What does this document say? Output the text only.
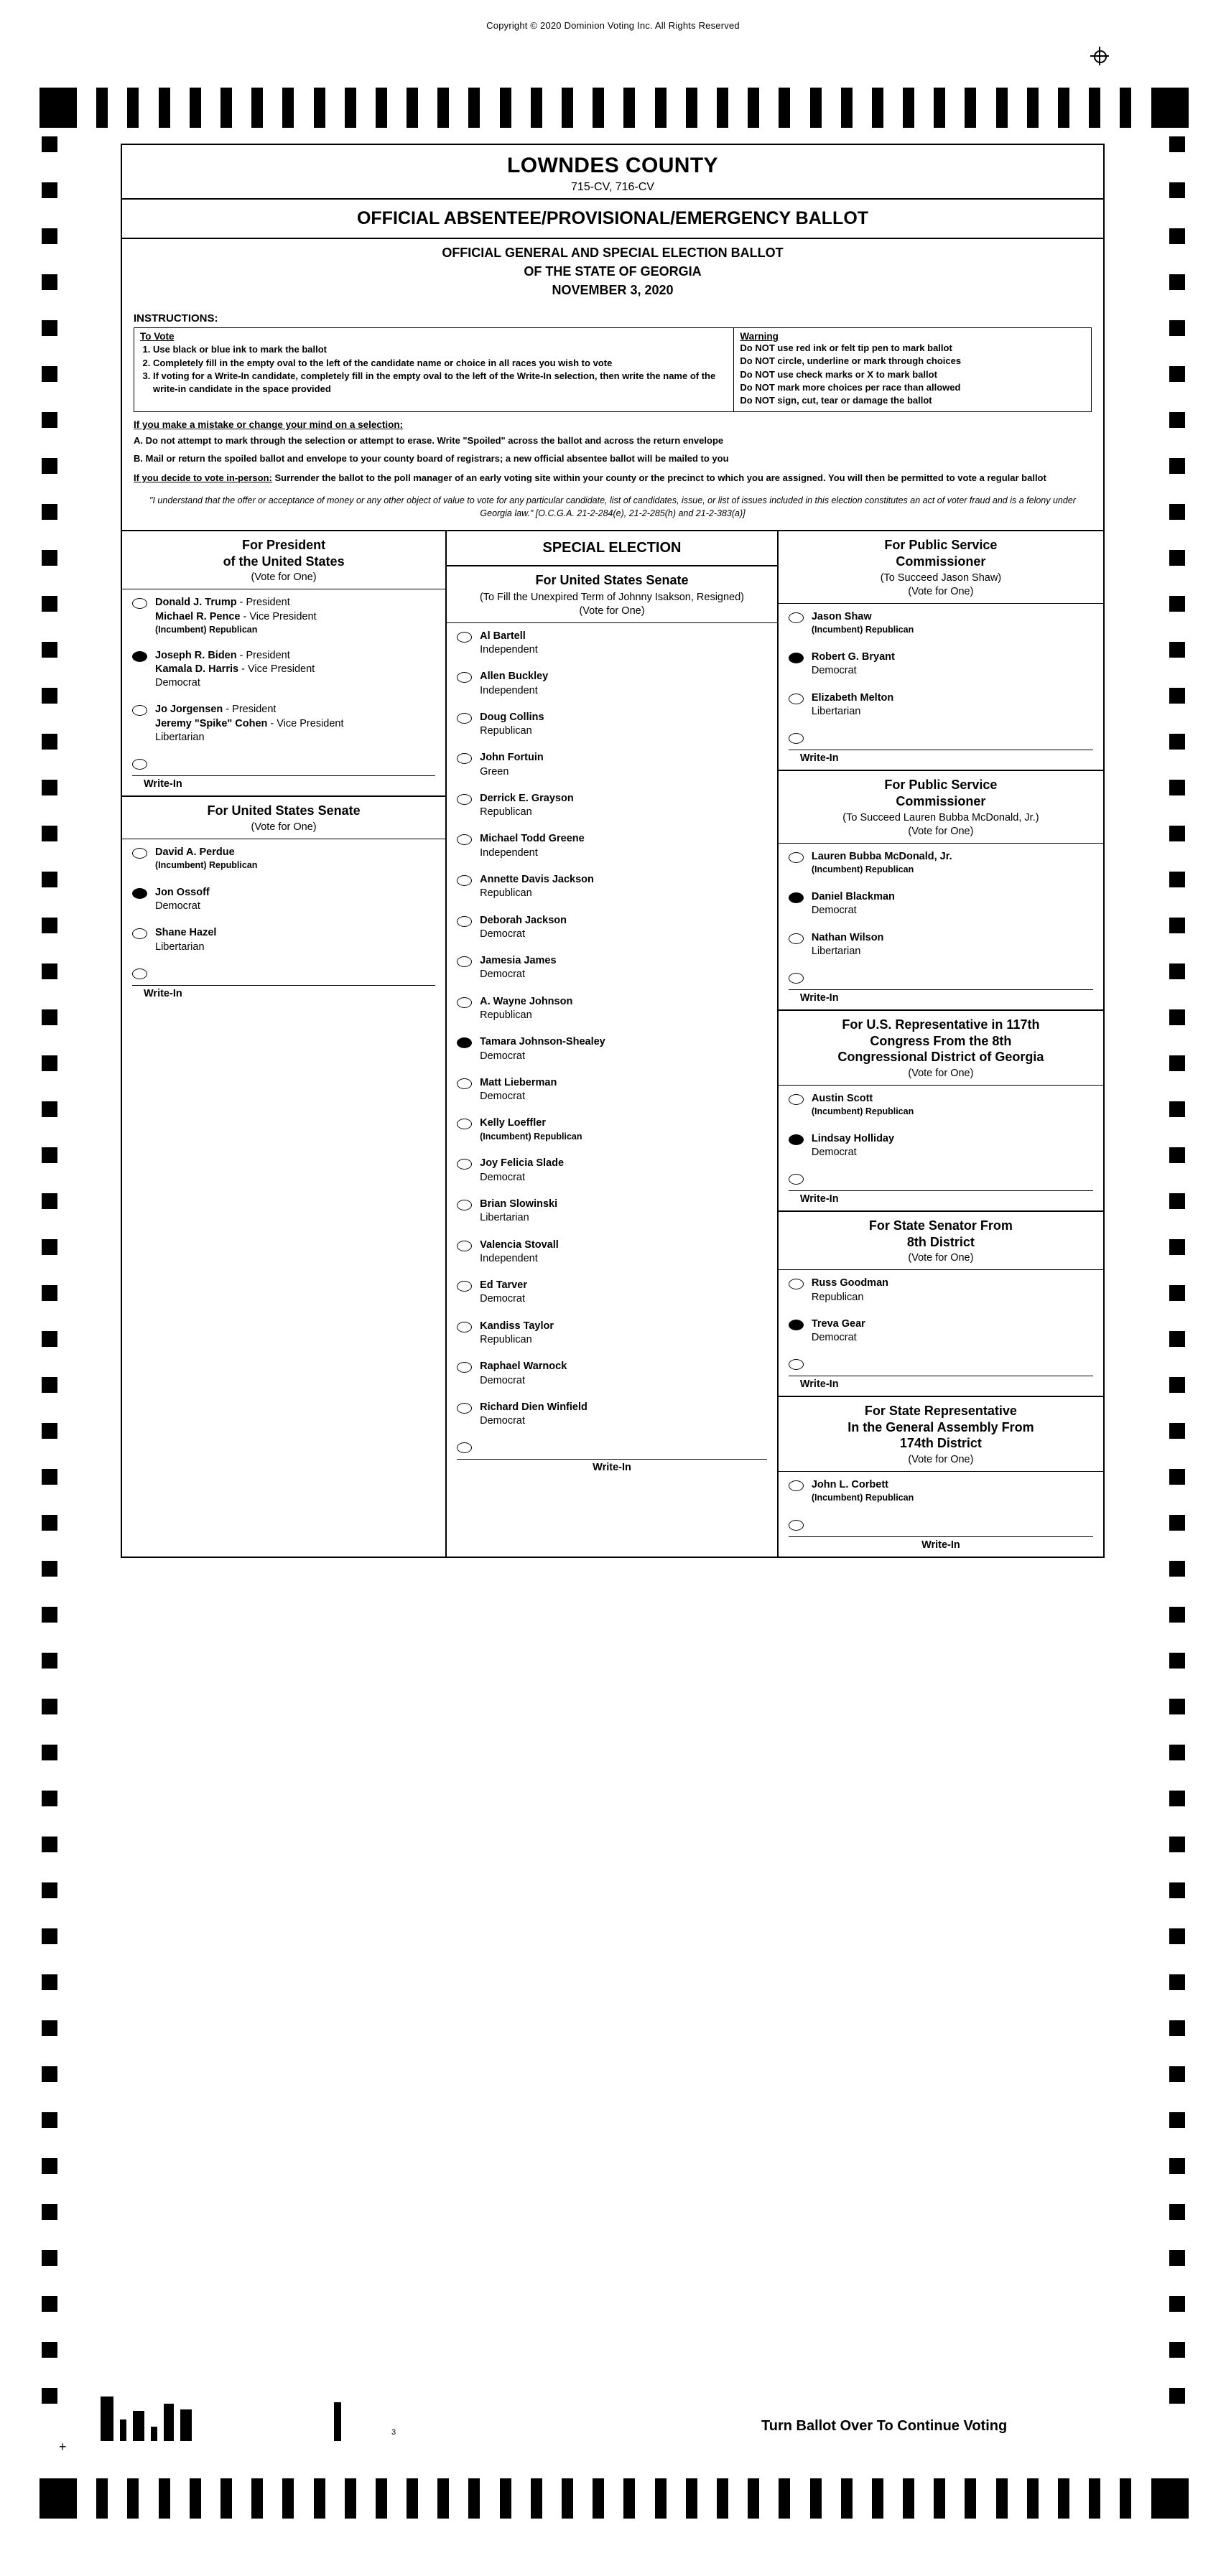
Copyright © 2020 Dominion Voting Inc. All Rights Reserved
LOWNDES COUNTY
715-CV, 716-CV
OFFICIAL ABSENTEE/PROVISIONAL/EMERGENCY BALLOT
OFFICIAL GENERAL AND SPECIAL ELECTION BALLOT
OF THE STATE OF GEORGIA
NOVEMBER 3, 2020
INSTRUCTIONS:
To Vote
1. Use black or blue ink to mark the ballot
2. Completely fill in the empty oval to the left of the candidate name or choice in all races you wish to vote
3. If voting for a Write-In candidate, completely fill in the empty oval to the left of the Write-In selection, then write the name of the write-in candidate in the space provided
Warning
Do NOT use red ink or felt tip pen to mark ballot
Do NOT circle, underline or mark through choices
Do NOT use check marks or X to mark ballot
Do NOT mark more choices per race than allowed
Do NOT sign, cut, tear or damage the ballot
If you make a mistake or change your mind on a selection:
A. Do not attempt to mark through the selection or attempt to erase. Write "Spoiled" across the ballot and across the return envelope
B. Mail or return the spoiled ballot and envelope to your county board of registrars; a new official absentee ballot will be mailed to you
If you decide to vote in-person: Surrender the ballot to the poll manager of an early voting site within your county or the precinct to which you are assigned. You will then be permitted to vote a regular ballot
"I understand that the offer or acceptance of money or any other object of value to vote for any particular candidate, list of candidates, issue, or list of issues included in this election constitutes an act of voter fraud and is a felony under Georgia law." [O.C.G.A. 21-2-284(e), 21-2-285(h) and 21-2-383(a)]
For President
of the United States
(Vote for One)
Donald J. Trump - President
Michael R. Pence - Vice President
(Incumbent) Republican
Joseph R. Biden - President
Kamala D. Harris - Vice President
Democrat
Jo Jorgensen - President
Jeremy "Spike" Cohen - Vice President
Libertarian
Write-In
For United States Senate
(Vote for One)
David A. Perdue
(Incumbent) Republican
Jon Ossoff
Democrat
Shane Hazel
Libertarian
Write-In
SPECIAL ELECTION
For United States Senate
(To Fill the Unexpired Term of Johnny Isakson, Resigned)
(Vote for One)
Al Bartell
Independent
Allen Buckley
Independent
Doug Collins
Republican
John Fortuin
Green
Derrick E. Grayson
Republican
Michael Todd Greene
Independent
Annette Davis Jackson
Republican
Deborah Jackson
Democrat
Jamesia James
Democrat
A. Wayne Johnson
Republican
Tamara Johnson-Shealey
Democrat
Matt Lieberman
Democrat
Kelly Loeffler
(Incumbent) Republican
Joy Felicia Slade
Democrat
Brian Slowinski
Libertarian
Valencia Stovall
Independent
Ed Tarver
Democrat
Kandiss Taylor
Republican
Raphael Warnock
Democrat
Richard Dien Winfield
Democrat
Write-In
For Public Service
Commissioner
(To Succeed Jason Shaw)
(Vote for One)
Jason Shaw
(Incumbent) Republican
Robert G. Bryant
Democrat
Elizabeth Melton
Libertarian
Write-In
For Public Service
Commissioner
(To Succeed Lauren Bubba McDonald, Jr.)
(Vote for One)
Lauren Bubba McDonald, Jr.
(Incumbent) Republican
Daniel Blackman
Democrat
Nathan Wilson
Libertarian
Write-In
For U.S. Representative in 117th
Congress From the 8th
Congressional District of Georgia
(Vote for One)
Austin Scott
(Incumbent) Republican
Lindsay Holliday
Democrat
Write-In
For State Senator From
8th District
(Vote for One)
Russ Goodman
Republican
Treva Gear
Democrat
Write-In
For State Representative
In the General Assembly From
174th District
(Vote for One)
John L. Corbett
(Incumbent) Republican
Write-In
Turn Ballot Over To Continue Voting
+
3
